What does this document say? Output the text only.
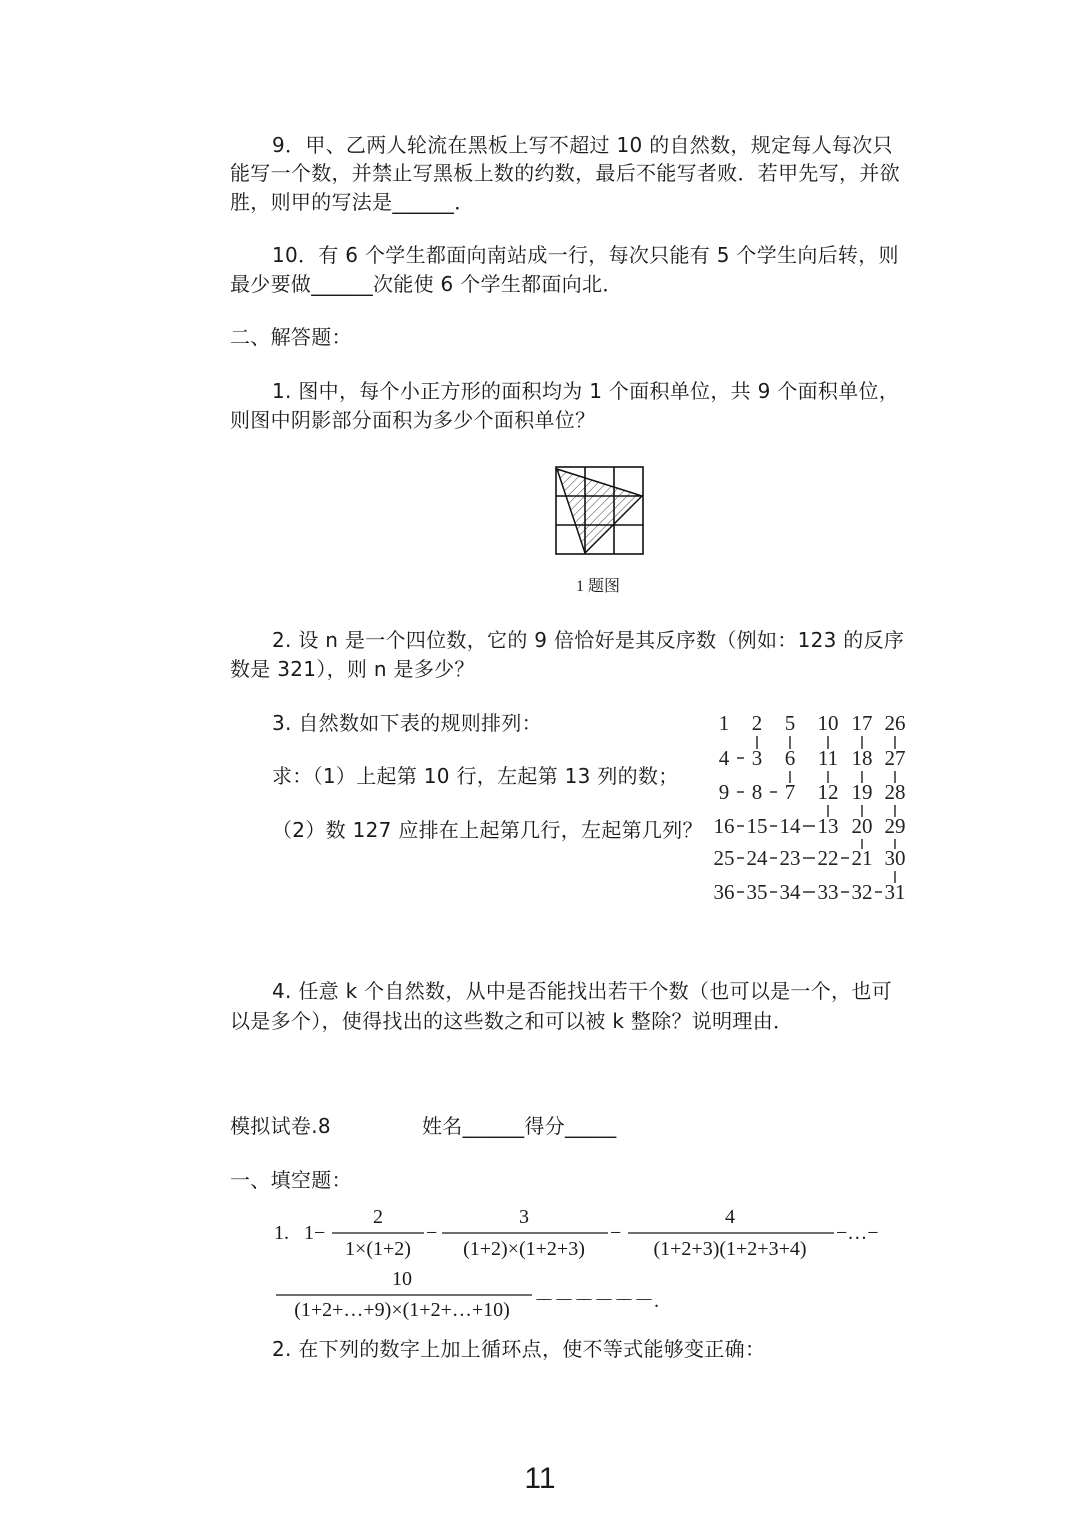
9．甲、乙两人轮流在黑板上写不超过 10 的自然数，规定每人每次只
能写一个数，并禁止写黑板上数的约数，最后不能写者败．若甲先写，并欲
胜，则甲的写法是______．
10．有 6 个学生都面向南站成一行，每次只能有 5 个学生向后转，则
最少要做______次能使 6 个学生都面向北．
二、解答题：
1. 图中，每个小正方形的面积均为 1 个面积单位，共 9 个面积单位，
则图中阴影部分面积为多少个面积单位？
1 题图
2. 设 n 是一个四位数，它的 9 倍恰好是其反序数（例如：123 的反序
数是 321），则 n 是多少？
3. 自然数如下表的规则排列：
求：（1）上起第 10 行，左起第 13 列的数；
（2）数 127 应排在上起第几行，左起第几列？
1 2 5 10 17 26
4 3 6 11 18 27
9 8 7 12 19 28
16 15 14 13 20 29
25 24 23 22 21 30
36 35 34 33 32 31
4. 任意 k 个自然数，从中是否能找出若干个数（也可以是一个，也可
以是多个），使得找出的这些数之和可以被 k 整除？说明理由．
模拟试卷.8	姓名______得分_____
一、填空题：
1. 1−
2
1×(1+2)
−
3
(1+2)×(1+2+3)
−
4
(1+2+3)(1+2+3+4)
−…−
10
(1+2+…+9)×(1+2+…+10) －－－－－－.
2. 在下列的数字上加上循环点，使不等式能够变正确：
11
